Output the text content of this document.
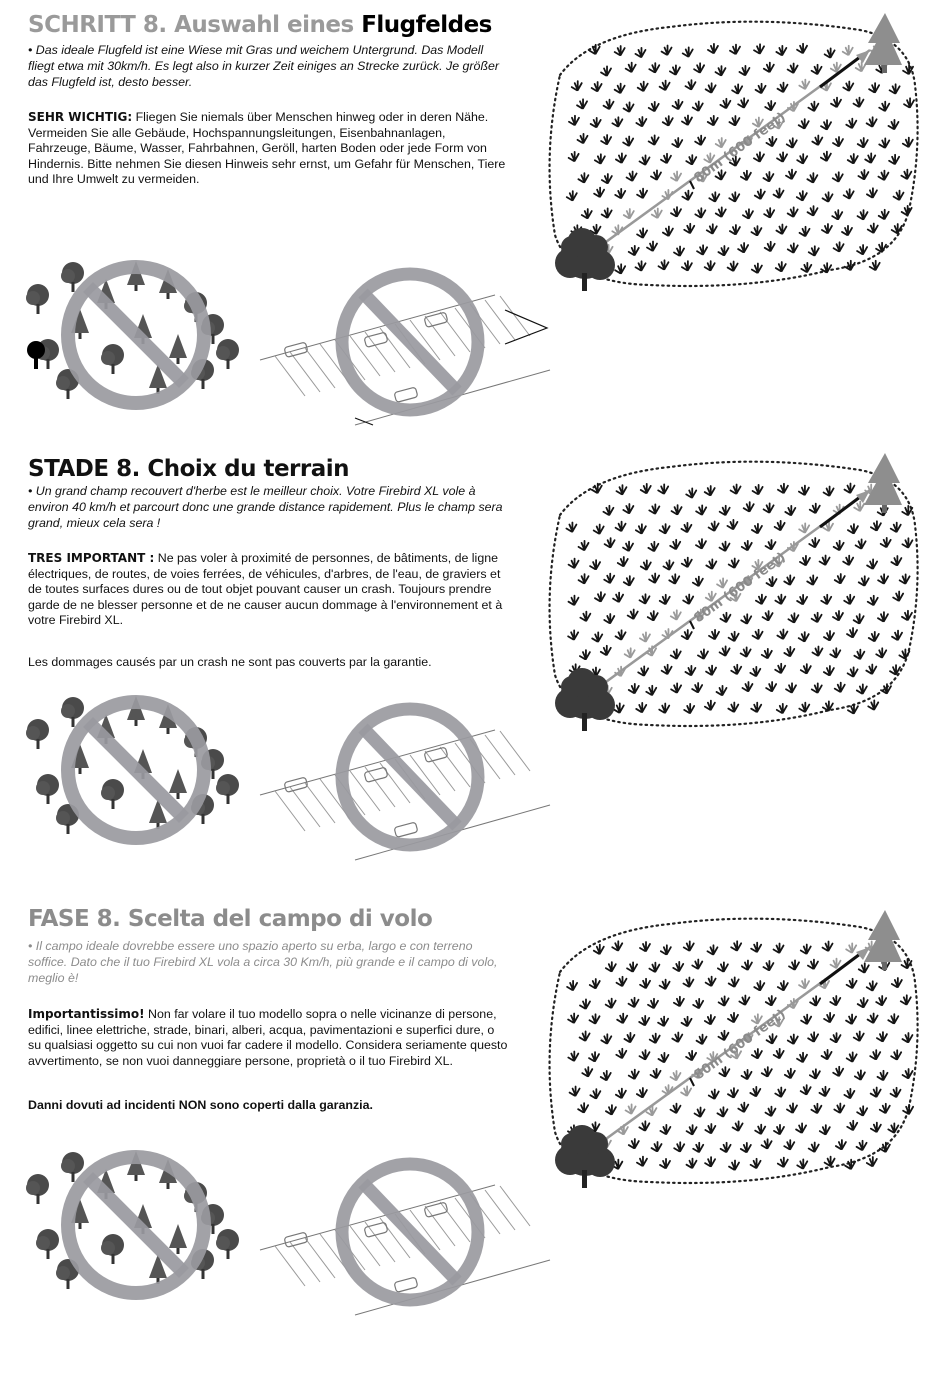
SCHRITT 8. Auswahl eines Flugfeldes
• Das ideale Flugfeld ist eine Wiese mit Gras und weichem Untergrund. Das Modell fliegt etwa mit 30km/h. Es legt also in kurzer Zeit einiges an Strecke zurück. Je größer das Flugfeld ist, desto besser.
SEHR WICHTIG: Fliegen Sie niemals über Menschen hinweg oder in deren Nähe. Vermeiden Sie alle Gebäude, Hochspannungsleitungen, Eisenbahnanlagen, Fahrzeuge, Bäume, Wasser, Fahrbahnen, Geröll, harten Boden oder jede Form von Hindernis. Bitte nehmen Sie diesen Hinweis sehr ernst, um Gefahr für Menschen, Tiere und Ihre Umwelt zu vermeiden.	80m (600 feet)
STADE 8. Choix du terrain
• Un grand champ recouvert d'herbe est le meilleur choix. Votre Firebird XL vole à environ 40 km/h et parcourt donc une grande distance rapidement. Plus le champ sera grand, mieux cela sera !
TRES IMPORTANT : Ne pas voler à proximité de personnes, de bâtiments, de ligne électriques, de routes, de voies ferrées, de véhicules, d'arbres, de l'eau, de graviers et de toutes surfaces dures ou de tout objet pouvant causer un crash. Toujours prendre garde de ne blesser personne et de ne causer aucun dommage à l'environnement et à votre Firebird XL.
Les dommages causés par un crash ne sont pas couverts par la garantie.
80m (600 feet)
FASE 8. Scelta del campo di volo
• Il campo ideale dovrebbe essere uno spazio aperto su erba, largo e con terreno soffice. Dato che il tuo Firebird XL vola a circa 30 Km/h, più grande e il campo di volo, meglio è!
Importantissimo! Non far volare il tuo modello sopra o nelle vicinanze di persone, edifici, linee elettriche, strade, binari, alberi, acqua, pavimentazioni e superfici dure, o su qualsiasi oggetto su cui non vuoi far cadere il modello. Considera seriamente questo avvertimento, se non vuoi danneggiare persone, proprietà o il tuo Firebird XL.
Danni dovuti ad incidenti NON sono coperti dalla garanzia.
80m (600 feet)
